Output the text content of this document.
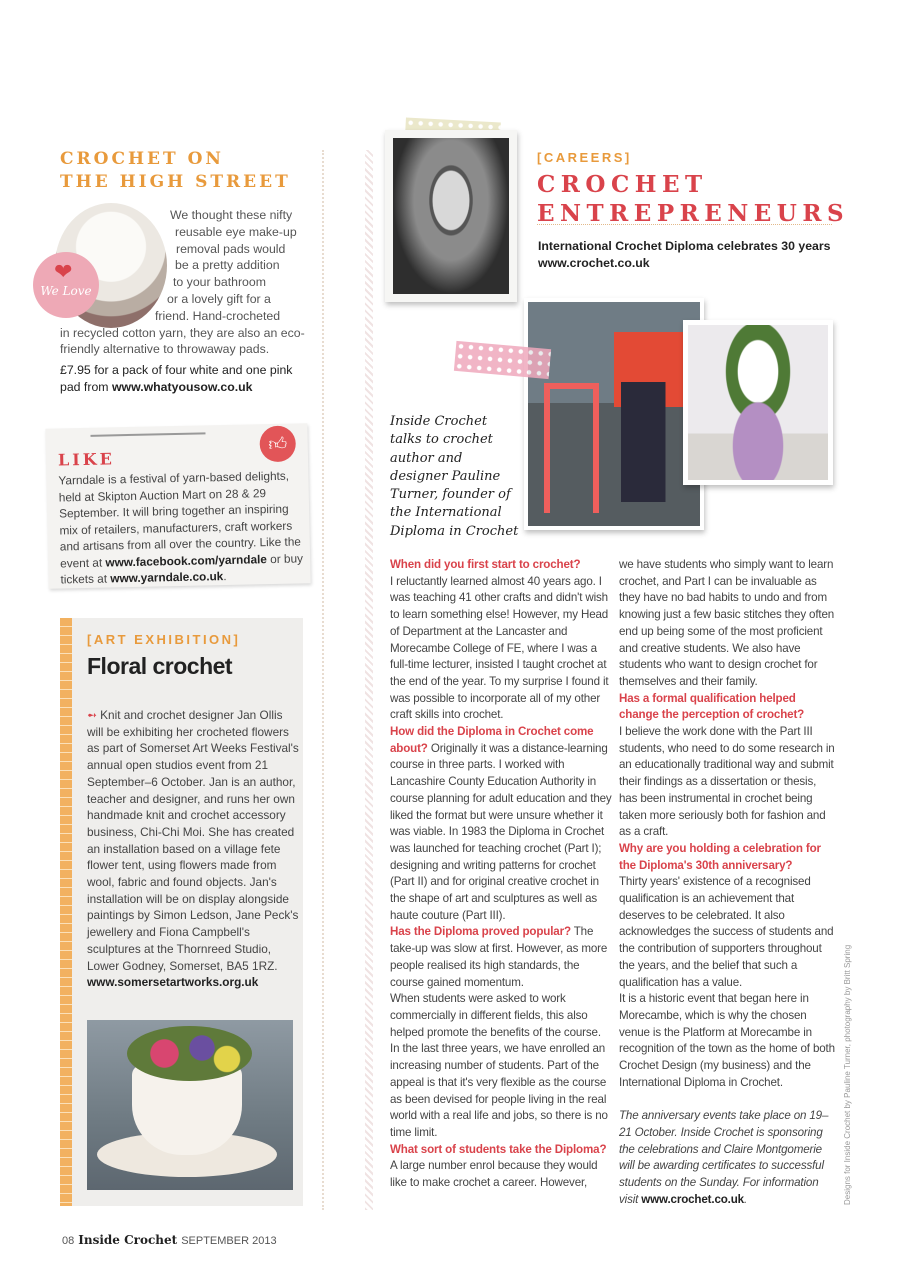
CROCHET ON
THE HIGH STREET
❤
We Love
We thought these nifty
reusable eye make-up
removal pads would
be a pretty addition
to your bathroom
or a lovely gift for a
friend. Hand-crocheted
in recycled cotton yarn, they are also an eco-friendly alternative to throwaway pads.
£7.95 for a pack of four white and one pink pad from www.whatyousow.co.uk
👍︎
LIKE

Yarndale is a festival of yarn-based delights, held at Skipton Auction Mart on 28 & 29 September. It will bring together an inspiring mix of retailers, manufacturers, craft workers and artisans from all over the country. Like the event at www.facebook.com/yarndale or buy tickets at www.yarndale.co.uk.

[ART EXHIBITION]
Floral crochet

➻ Knit and crochet designer Jan Ollis will be exhibiting her crocheted flowers as part of Somerset Art Weeks Festival's annual open studios event from 21 September–6 October. Jan is an author, teacher and designer, and runs her own handmade knit and crochet accessory business, Chi-Chi Moi. She has created an installation based on a village fete flower tent, using flowers made from wool, fabric and found objects. Jan's installation will be on display alongside paintings by Simon Ledson, Jane Peck's jewellery and Fiona Campbell's sculptures at the Thornreed Studio, Lower Godney, Somerset, BA5 1RZ.
www.somersetartworks.org.uk

[CAREERS]
CROCHET
ENTREPRENEURS
International Crochet Diploma celebrates 30 years
www.crochet.co.uk
Inside Crochet talks to crochet author and designer Pauline Turner, founder of the International Diploma in Crochet
When did you first start to crochet?
I reluctantly learned almost 40 years ago. I was teaching 41 other crafts and didn't wish to learn something else! However, my Head of Department at the Lancaster and Morecambe College of FE, where I was a full-time lecturer, insisted I taught crochet at the end of the year. To my surprise I found it was possible to incorporate all of my other craft skills into crochet.
How did the Diploma in Crochet come about? Originally it was a distance-learning course in three parts. I worked with Lancashire County Education Authority in course planning for adult education and they liked the format but were unsure whether it was viable. In 1983 the Diploma in Crochet was launched for teaching crochet (Part I); designing and writing patterns for crochet (Part II) and for original creative crochet in the shape of art and sculptures as well as haute couture (Part III).
Has the Diploma proved popular? The take-up was slow at first. However, as more people realised its high standards, the course gained momentum.
When students were asked to work commercially in different fields, this also helped promote the benefits of the course. In the last three years, we have enrolled an increasing number of students. Part of the appeal is that it's very flexible as the course as been devised for people living in the real world with a real life and jobs, so there is no time limit.

What sort of students take the Diploma?
A large number enrol because they would like to make crochet a career. However,
we have students who simply want to learn crochet, and Part I can be invaluable as they have no bad habits to undo and from knowing just a few basic stitches they often end up being some of the most proficient and creative students. We also have students who want to design crochet for themselves and their family.

Has a formal qualification helped change the perception of crochet?
I believe the work done with the Part III students, who need to do some research in an educationally traditional way and submit their findings as a dissertation or thesis, has been instrumental in crochet being taken more seriously both for fashion and as a craft.

Why are you holding a celebration for the Diploma's 30th anniversary?
Thirty years' existence of a recognised qualification is an achievement that deserves to be celebrated. It also acknowledges the success of students and the contribution of supporters throughout the years, and the belief that such a qualification has a value.
It is a historic event that began here in Morecambe, which is why the chosen venue is the Platform at Morecambe in recognition of the town as the home of both Crochet Design (my business) and the International Diploma in Crochet.
The anniversary events take place on 19–21 October. Inside Crochet is sponsoring the celebrations and Claire Montgomerie will be awarding certificates to successful students on the Sunday. For information visit www.crochet.co.uk.	Designs for Inside Crochet by Pauline Turner, photography by Britt Spring
08 Inside Crochet SEPTEMBER 2013
